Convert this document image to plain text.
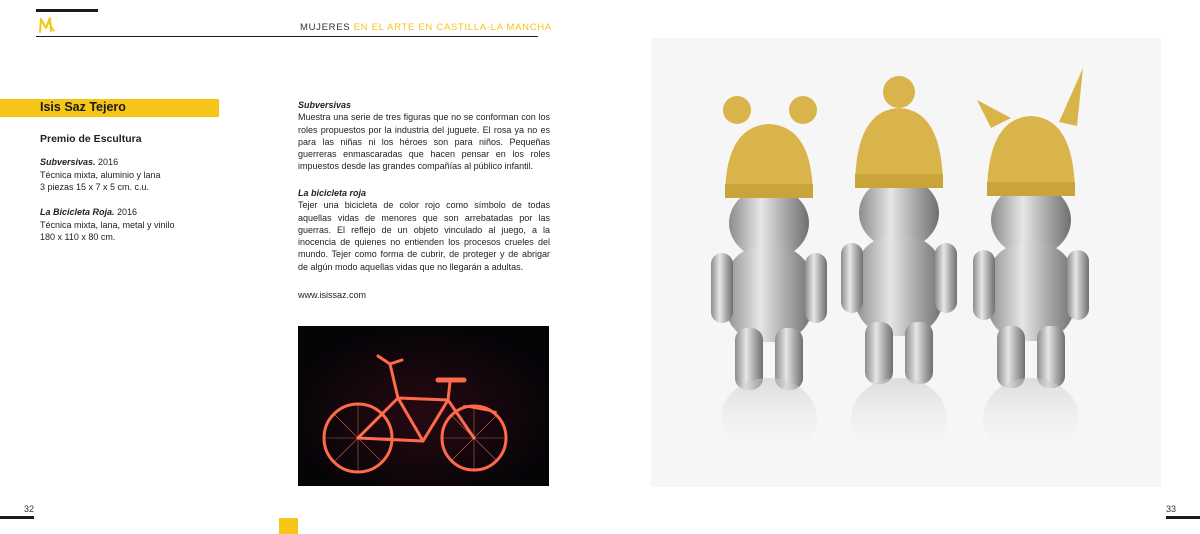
MUJERES EN EL ARTE EN CASTILLA-LA MANCHA
Isis Saz Tejero
Premio de Escultura
Subversivas. 2016
Técnica mixta, aluminio y lana
3 piezas 15 x 7 x 5 cm. c.u.
La Bicicleta Roja. 2016
Técnica mixta, lana, metal y vinilo
180 x 110 x 80 cm.
Subversivas
Muestra una serie de tres figuras que no se conforman con los roles propuestos por la industria del juguete. El rosa ya no es para las niñas ni los héroes son para niños. Pequeñas guerreras enmascaradas que hacen pensar en los roles impuestos desde las grandes compañías al público infantil.
La bicicleta roja
Tejer una bicicleta de color rojo como símbolo de todas aquellas vidas de menores que son arrebatadas por las guerras. El reflejo de un objeto vinculado al juego, a la inocencia de quienes no entienden los procesos crueles del mundo. Tejer como forma de cubrir, de proteger y de abrigar de algún modo aquellas vidas que no llegarán a adultas.
www.isissaz.com
32	33
